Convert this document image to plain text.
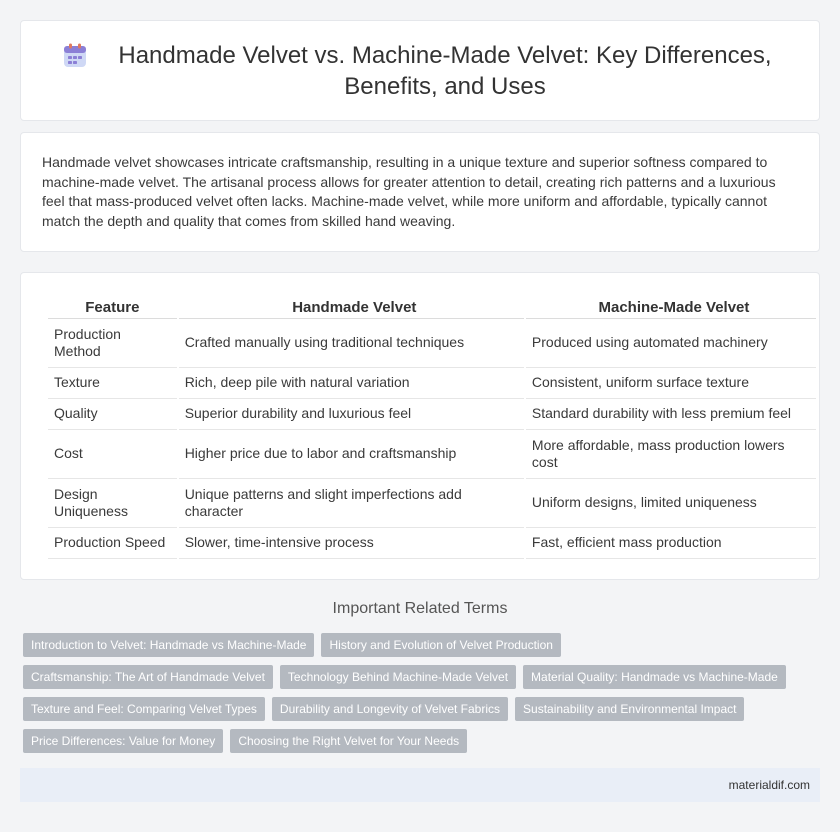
Handmade Velvet vs. Machine-Made Velvet: Key Differences, Benefits, and Uses

Handmade velvet showcases intricate craftsmanship, resulting in a unique texture and superior softness compared to machine-made velvet. The artisanal process allows for greater attention to detail, creating rich patterns and a luxurious feel that mass-produced velvet often lacks. Machine-made velvet, while more uniform and affordable, typically cannot match the depth and quality that comes from skilled hand weaving.

Feature	Handmade Velvet	Machine-Made Velvet
Production Method	Crafted manually using traditional techniques	Produced using automated machinery
Texture	Rich, deep pile with natural variation	Consistent, uniform surface texture
Quality	Superior durability and luxurious feel	Standard durability with less premium feel
Cost	Higher price due to labor and craftsmanship	More affordable, mass production lowers cost
Design Uniqueness	Unique patterns and slight imperfections add character	Uniform designs, limited uniqueness
Production Speed	Slower, time-intensive process	Fast, efficient mass production
Important Related Terms
Introduction to Velvet: Handmade vs Machine-Made	History and Evolution of Velvet Production
Craftsmanship: The Art of Handmade Velvet	Technology Behind Machine-Made Velvet	Material Quality: Handmade vs Machine-Made
Texture and Feel: Comparing Velvet Types	Durability and Longevity of Velvet Fabrics	Sustainability and Environmental Impact
Price Differences: Value for Money	Choosing the Right Velvet for Your Needs
materialdif.com
